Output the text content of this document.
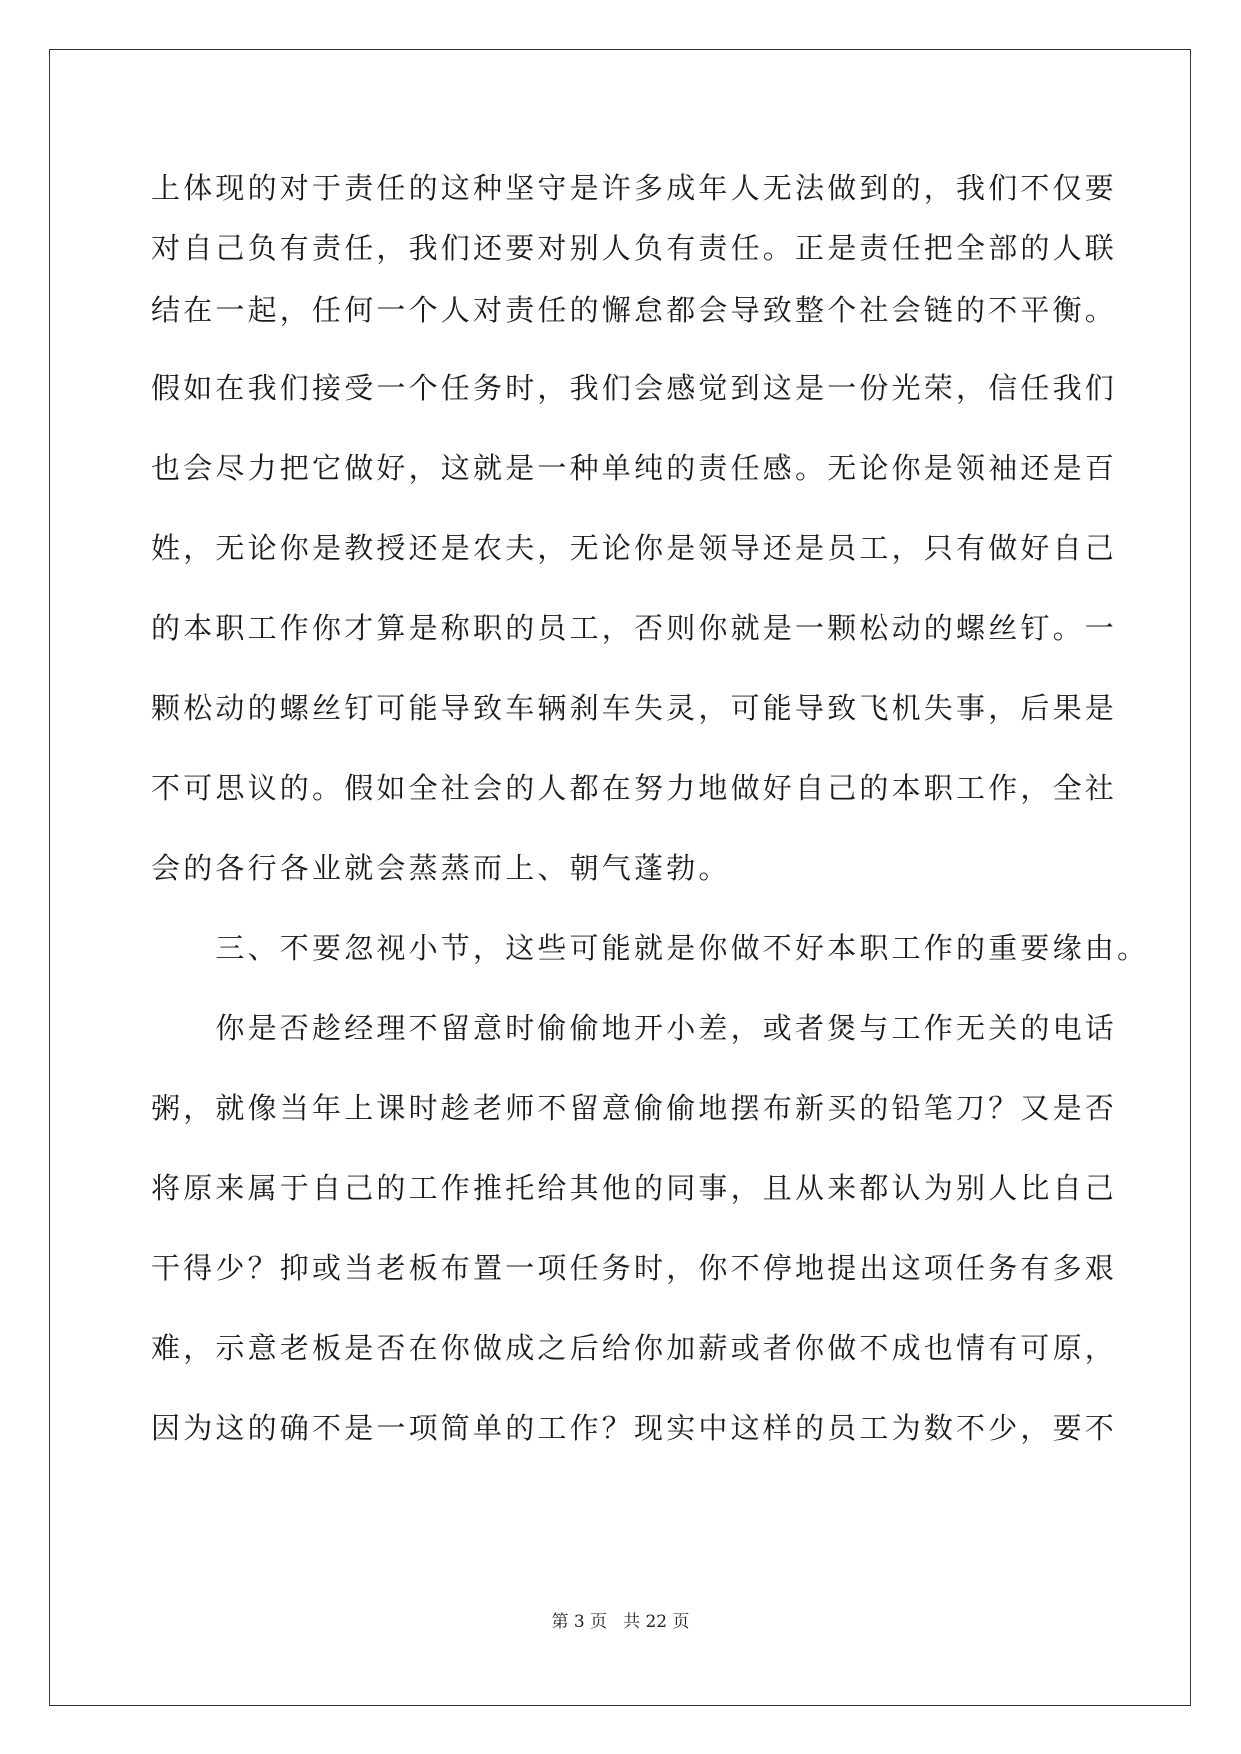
上体现的对于责任的这种坚守是许多成年人无法做到的，我们不仅要
对自己负有责任，我们还要对别人负有责任。正是责任把全部的人联
结在一起，任何一个人对责任的懈怠都会导致整个社会链的不平衡。
假如在我们接受一个任务时，我们会感觉到这是一份光荣，信任我们
也会尽力把它做好，这就是一种单纯的责任感。无论你是领袖还是百
姓，无论你是教授还是农夫，无论你是领导还是员工，只有做好自己
的本职工作你才算是称职的员工，否则你就是一颗松动的螺丝钉。一
颗松动的螺丝钉可能导致车辆刹车失灵，可能导致飞机失事，后果是
不可思议的。假如全社会的人都在努力地做好自己的本职工作，全社
会的各行各业就会蒸蒸而上、朝气蓬勃。
　　三、不要忽视小节，这些可能就是你做不好本职工作的重要缘由。
　　你是否趁经理不留意时偷偷地开小差，或者煲与工作无关的电话
粥，就像当年上课时趁老师不留意偷偷地摆布新买的铅笔刀？又是否
将原来属于自己的工作推托给其他的同事，且从来都认为别人比自己
干得少？抑或当老板布置一项任务时，你不停地提出这项任务有多艰
难，示意老板是否在你做成之后给你加薪或者你做不成也情有可原，
因为这的确不是一项简单的工作？现实中这样的员工为数不少，要不
第 3 页 共 22 页
